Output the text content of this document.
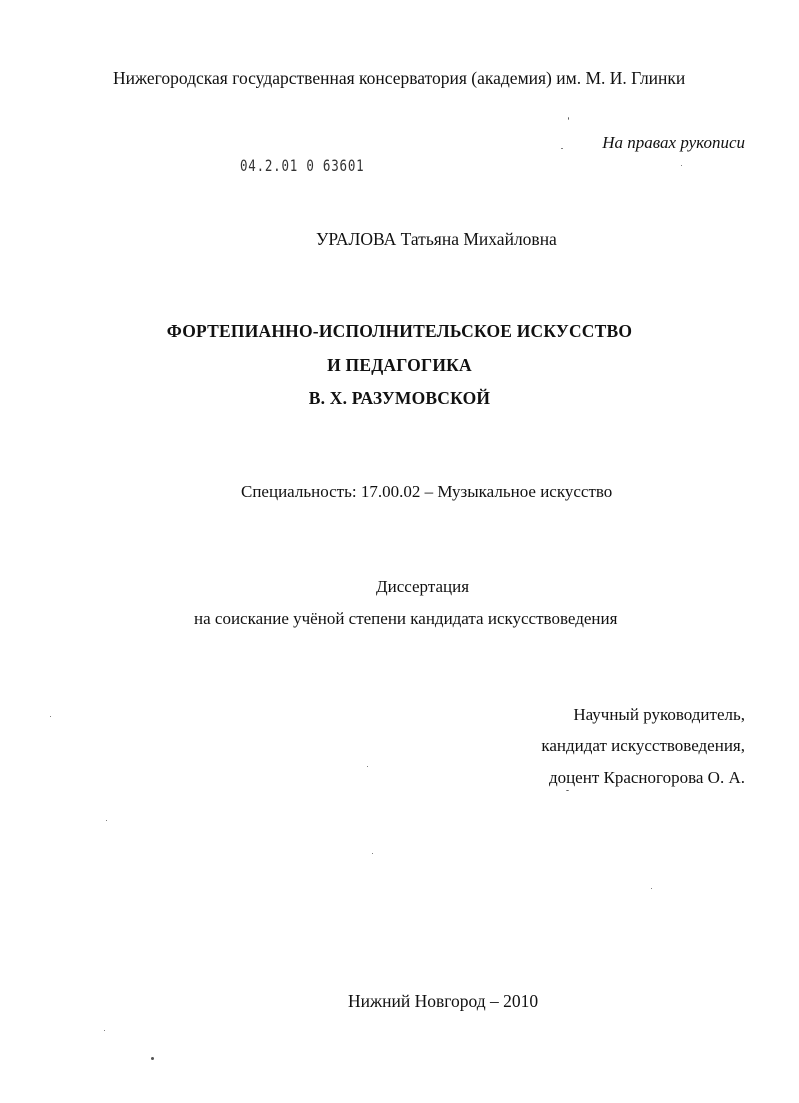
Нижегородская государственная консерватория (академия) им. М. И. Глинки
На правах рукописи
04.2.01 0 63601
УРАЛОВА Татьяна Михайловна
ФОРТЕПИАННО-ИСПОЛНИТЕЛЬСКОЕ ИСКУССТВО
И ПЕДАГОГИКА
В. Х. РАЗУМОВСКОЙ
Специальность: 17.00.02 – Музыкальное искусство
Диссертация
на соискание учёной степени кандидата искусствоведения
Научный руководитель,
кандидат искусствоведения,
доцент Красногорова О. А.
Нижний Новгород – 2010
